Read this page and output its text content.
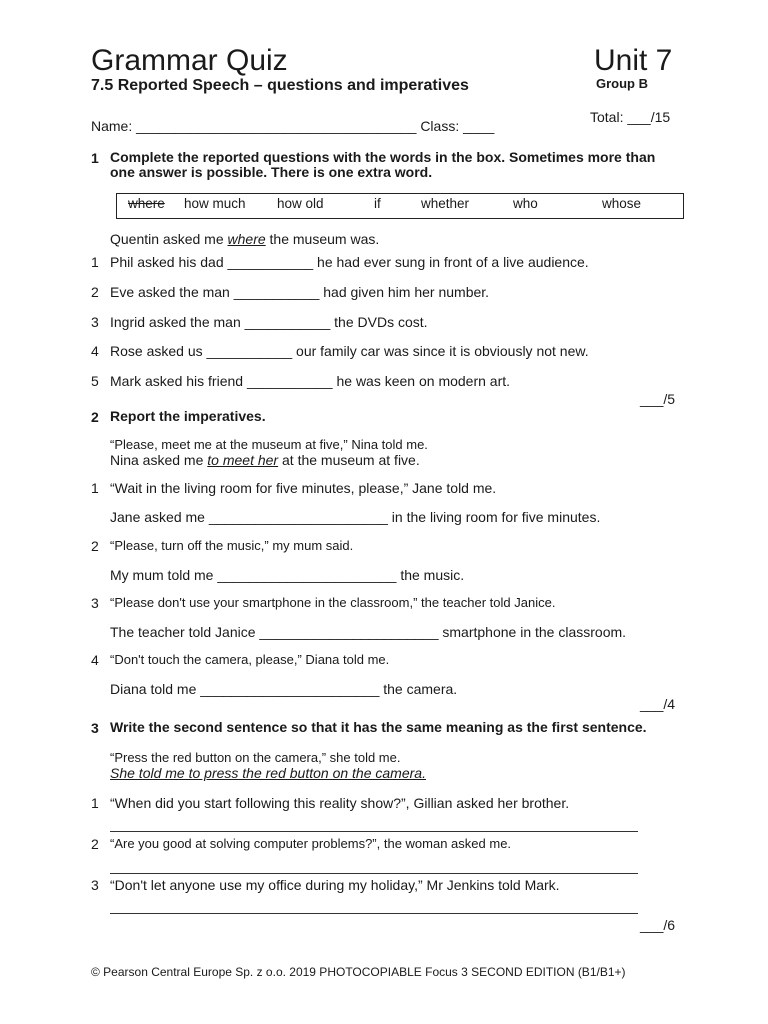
Grammar Quiz	Unit 7
7.5 Reported Speech – questions and imperatives	Group B
Total: ___/15
Name: ____________________________________ Class: ____
1 Complete the reported questions with the words in the box. Sometimes more than
one answer is possible. There is one extra word.
where how much how old	if	whether	who	whose
Quentin asked me where the museum was.
1 Phil asked his dad ___________ he had ever sung in front of a live audience.
2 Eve asked the man ___________ had given him her number.
3 Ingrid asked the man ___________ the DVDs cost.
4 Rose asked us ___________ our family car was since it is obviously not new.
5 Mark asked his friend ___________ he was keen on modern art.
___/5
2 Report the imperatives.
“Please, meet me at the museum at five,” Nina told me.
Nina asked me to meet her at the museum at five.
1 “Wait in the living room for five minutes, please,” Jane told me.
Jane asked me _______________________ in the living room for five minutes.
2 “Please, turn off the music,” my mum said.
My mum told me _______________________ the music.
3 “Please don't use your smartphone in the classroom,” the teacher told Janice.
The teacher told Janice _______________________ smartphone in the classroom.
4 “Don't touch the camera, please,” Diana told me.
Diana told me _______________________ the camera.
___/4
3 Write the second sentence so that it has the same meaning as the first sentence.
“Press the red button on the camera,” she told me.
She told me to press the red button on the camera.
1 “When did you start following this reality show?”, Gillian asked her brother.
2 “Are you good at solving computer problems?”, the woman asked me.
3 “Don't let anyone use my office during my holiday,” Mr Jenkins told Mark.
___/6
© Pearson Central Europe Sp. z o.o. 2019 PHOTOCOPIABLE Focus 3 SECOND EDITION (B1/B1+)
